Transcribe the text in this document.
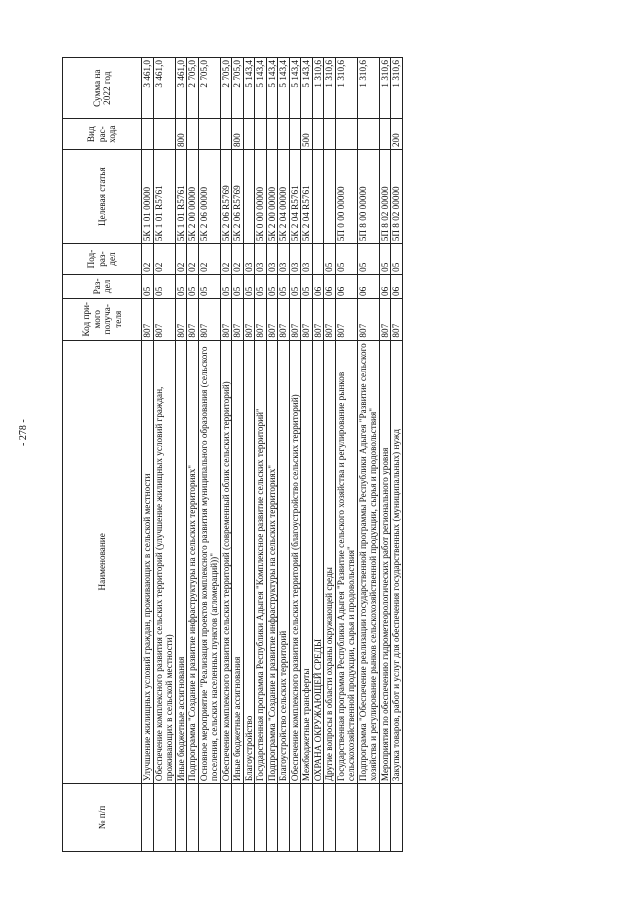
- 278 -
№ п/п	Наименование	Код при-мого получа-теля	Раз-дел	Под-раз-дел	Целевая статья	Вид рас-хода	Сумма на 2022 год
	Улучшение жилищных условий граждан, проживающих в сельской местности	807	05	02	5К 1 01 00000		3 461,0
	Обеспечение комплексного развития сельских территорий (улучшение жилищных условий граждан, проживающих в сельской местности)	807	05	02	5К 1 01 R5761		3 461,0
	Иные бюджетные ассигнования	807	05	02	5К 1 01 R5761	800	3 461,0
	Подпрограмма "Создание и развитие инфраструктуры на сельских территориях"	807	05	02	5К 2 00 00000		2 705,0
	Основное мероприятие "Реализация проектов комплексного развития муниципального образования (сельского поселения, сельских населенных пунктов (агломераций))"	807	05	02	5К 2 06 00000		2 705,0
	Обеспечение комплексного развития сельских территорий (современный облик сельских территорий)	807	05	02	5К 2 06 R5769		2 705,0
	Иные бюджетные ассигнования	807	05	02	5К 2 06 R5769	800	2 705,0
	Благоустройство	807	05	03			5 143,4
	Государственная программа Республики Адыгея "Комплексное развитие сельских территорий"	807	05	03	5К 0 00 00000		5 143,4
	Подпрограмма "Создание и развитие инфраструктуры на сельских территориях"	807	05	03	5К 2 00 00000		5 143,4
	Благоустройство сельских территорий	807	05	03	5К 2 04 00000		5 143,4
	Обеспечение комплексного развития сельских территорий (благоустройство сельских территорий)	807	05	03	5К 2 04 R5761		5 143,4
	Межбюджетные трансферты	807	05	03	5К 2 04 R5761	500	5 143,4
	ОХРАНА ОКРУЖАЮЩЕЙ СРЕДЫ	807	06				1 310,6
	Другие вопросы в области охраны окружающей среды	807	06	05			1 310,6
	Государственная программа Республики Адыгея "Развитие сельского хозяйства и регулирование рынков сельскохозяйственной продукции, сырья и продовольствия"	807	06	05	5П 0 00 00000		1 310,6
	Подпрограмма "Обеспечение реализации государственной программы Республики Адыгея "Развитие сельского хозяйства и регулирование рынков сельскохозяйственной продукции, сырья и продовольствия"	807	06	05	5П 8 00 00000		1 310,6
	Мероприятия по обеспечению гидрометеорологических работ регионального уровня	807	06	05	5П 8 02 00000		1 310,6
	Закупка товаров, работ и услуг для обеспечения государственных (муниципальных) нужд	807	06	05	5П 8 02 00000	200	1 310,6
